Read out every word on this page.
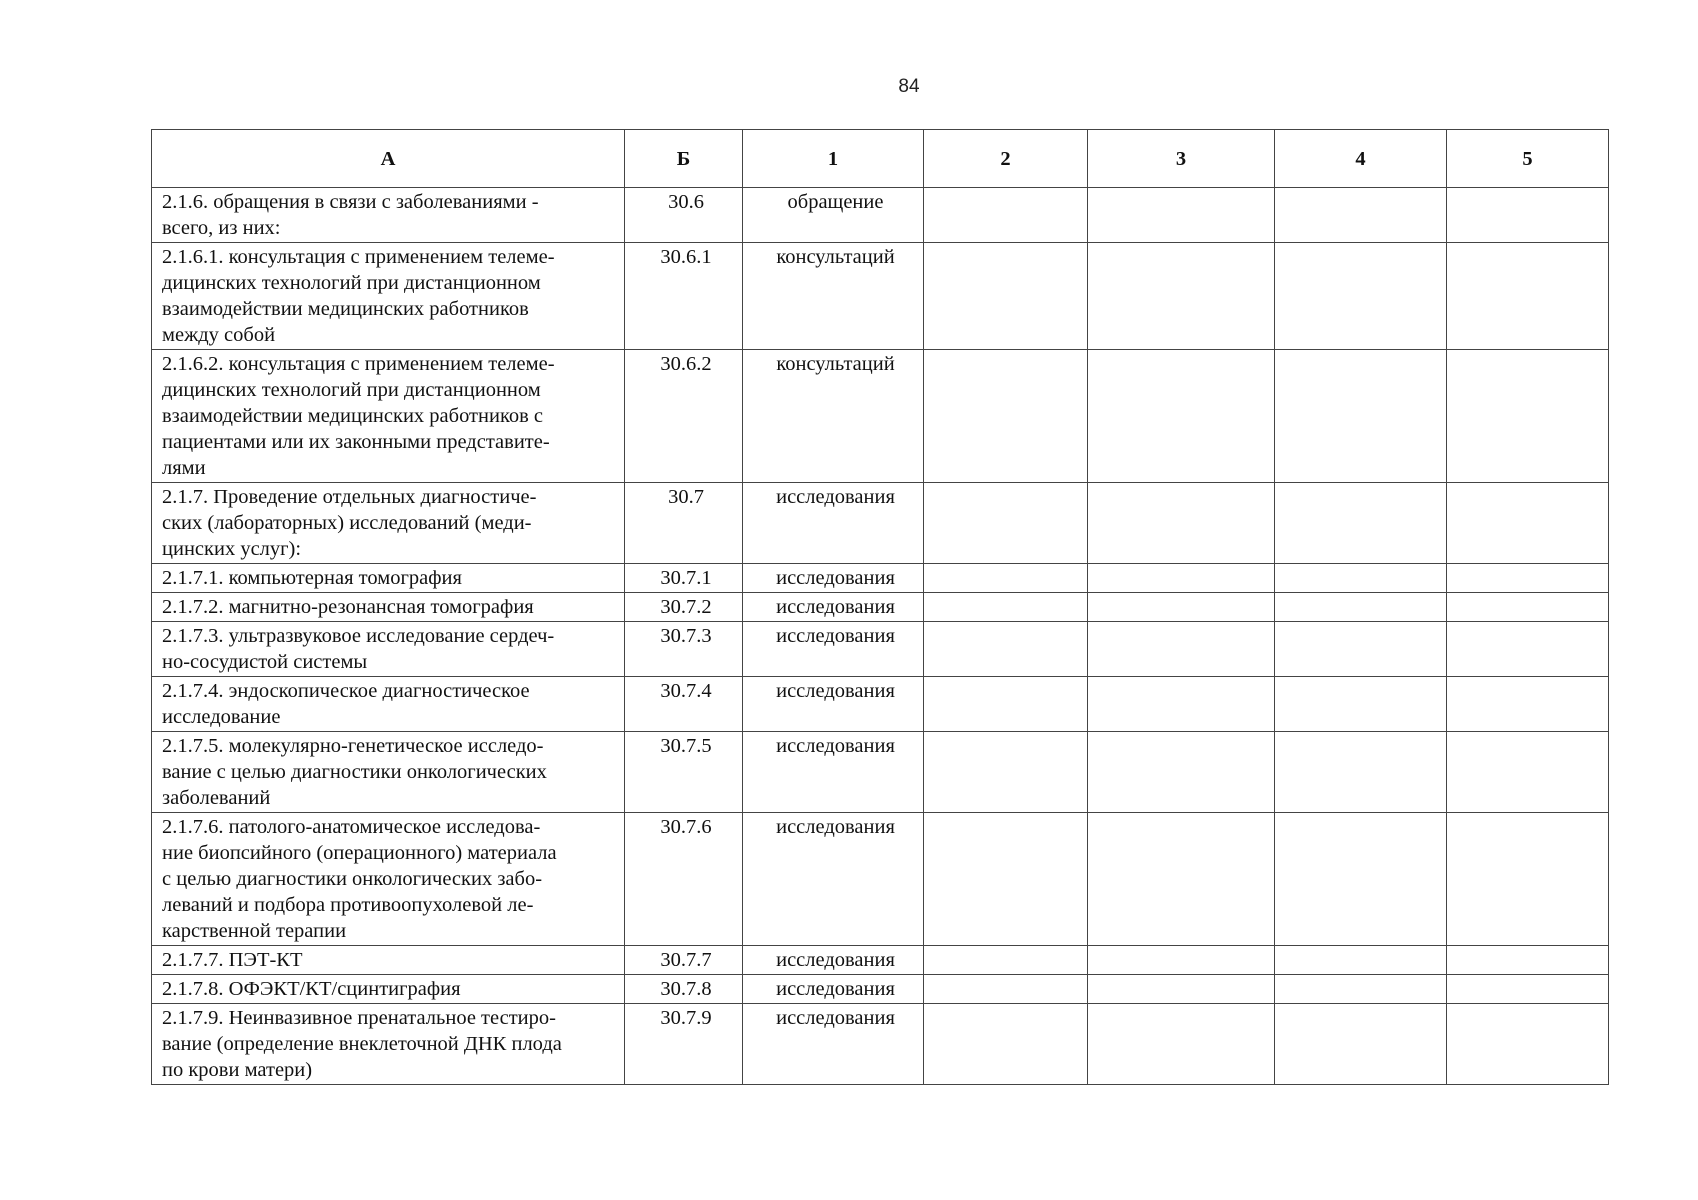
84
А	Б	1	2	3	4	5

2.1.6. обращения в связи с заболеваниями -
всего, из них:	30.6	обращение				

2.1.6.1. консультация с применением телеме-
дицинских технологий при дистанционном
взаимодействии медицинских работников
между собой	30.6.1	консультаций				

2.1.6.2. консультация с применением телеме-
дицинских технологий при дистанционном
взаимодействии медицинских работников с
пациентами или их законными представите-
лями	30.6.2	консультаций				

2.1.7. Проведение отдельных диагностиче-
ских (лабораторных) исследований (меди-
цинских услуг):	30.7	исследования				

2.1.7.1. компьютерная томография	30.7.1	исследования				

2.1.7.2. магнитно-резонансная томография	30.7.2	исследования				

2.1.7.3. ультразвуковое исследование сердеч-
но-сосудистой системы	30.7.3	исследования				

2.1.7.4. эндоскопическое диагностическое
исследование	30.7.4	исследования				

2.1.7.5. молекулярно-генетическое исследо-
вание с целью диагностики онкологических
заболеваний	30.7.5	исследования				

2.1.7.6. патолого-анатомическое исследова-
ние биопсийного (операционного) материала
с целью диагностики онкологических забо-
леваний и подбора противоопухолевой ле-
карственной терапии	30.7.6	исследования				

2.1.7.7. ПЭТ-КТ	30.7.7	исследования				

2.1.7.8. ОФЭКТ/КТ/сцинтиграфия	30.7.8	исследования				

2.1.7.9. Неинвазивное пренатальное тестиро-
вание (определение внеклеточной ДНК плода
по крови матери)	30.7.9	исследования				
